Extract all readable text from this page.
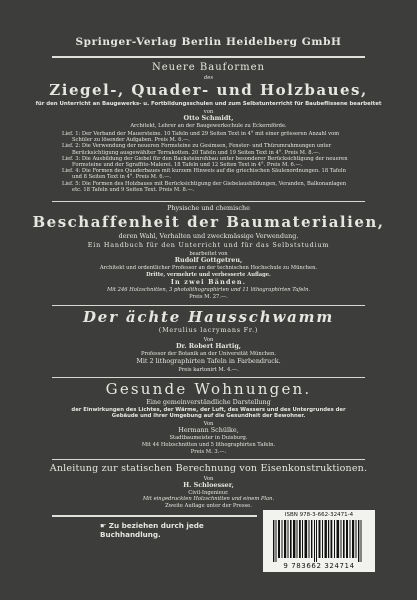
Springer-Verlag Berlin Heidelberg GmbH
Neuere Bauformen
des
Ziegel-, Quader- und Holzbaues,
für den Unterricht an Baugewerks- u. Fortbildungsschulen und zum Selbstunterricht für Baubeflissene bearbeitet
von
Otto Schmidt,
Architekt, Lehrer an der Baugewerkschule zu Eckernförde.
Lief. 1: Der Verband der Mauersteine. 10 Tafeln und 29 Seiten Text in 4° mit einer grösseren Anzahl vom Schüler zu lösender Aufgaben. Preis M. 6.—.
Lief. 2: Die Verwendung der neueren Formsteine zu Gesimsen, Fenster- und Thürumrahmungen unter Berücksichtigung ausgewählter Terrakotten. 20 Tafeln und 19 Seiten Text in 4°. Preis M. 8.—.
Lief. 3: Die Ausbildung der Giebel für den Backsteinrohbau unter besonderer Berücksichtigung der neueren Formsteine und der Sgraffito-Malerei. 18 Tafeln und 12 Seiten Text in 4°. Preis M. 6.—.
Lief. 4: Die Formen des Quaderbaues mit kurzem Hinweis auf die griechischen Säulenordnungen. 18 Tafeln und 8 Seiten Text in 4°. Preis M. 6.—.
Lief. 5: Die Formen des Holzbaues mit Berücksichtigung der Giebelausbildungen, Veranden, Balkonanlagen etc. 18 Tafeln und 9 Seiten Text. Preis M. 8.—.
Physische und chemische
Beschaffenheit der Baumaterialien,
deren Wahl, Verhalten und zweckmässige Verwendung.
Ein Handbuch für den Unterricht und für das Selbststudium
bearbeitet von
Rudolf Gottgetreu,
Architekt und ordentlicher Professor an der technischen Hochschule zu München.
Dritte, vermehrte und verbesserte Auflage.
In zwei Bänden.
Mit 246 Holzschnitten, 3 photolithographirten und 11 lithographirten Tafeln.
Preis M. 27.—.
Der ächte Hausschwamm
(Merulius lacrymans Fr.)
Von
Dr. Robert Hartig,
Professor der Botanik an der Universität München.
Mit 2 lithographirten Tafeln in Farbendruck.
Preis kartonirt M. 4.—.
Gesunde Wohnungen.
Eine gemeinverständliche Darstellung
der Einwirkungen des Lichtes, der Wärme, der Luft, des Wassers und des Untergrundes der Gebäude und ihrer Umgebung auf die Gesundheit der Bewohner.
Von
Hermann Schülke,
Stadtbaumeister in Duisburg.
Mit 44 Holzschnitten und 5 lithographirten Tafeln.
Preis M. 3.—.
Anleitung zur statischen Berechnung von Eisenkonstruktionen.
Von
H. Schloesser,
Civil-Ingenieur.
Mit eingedruckten Holzschnitten und einem Plan.
Zweite Auflage unter der Presse.
☛ Zu beziehen durch jede Buchhandlung.
ISBN 978-3-662-32471-4
9 783662 324714
